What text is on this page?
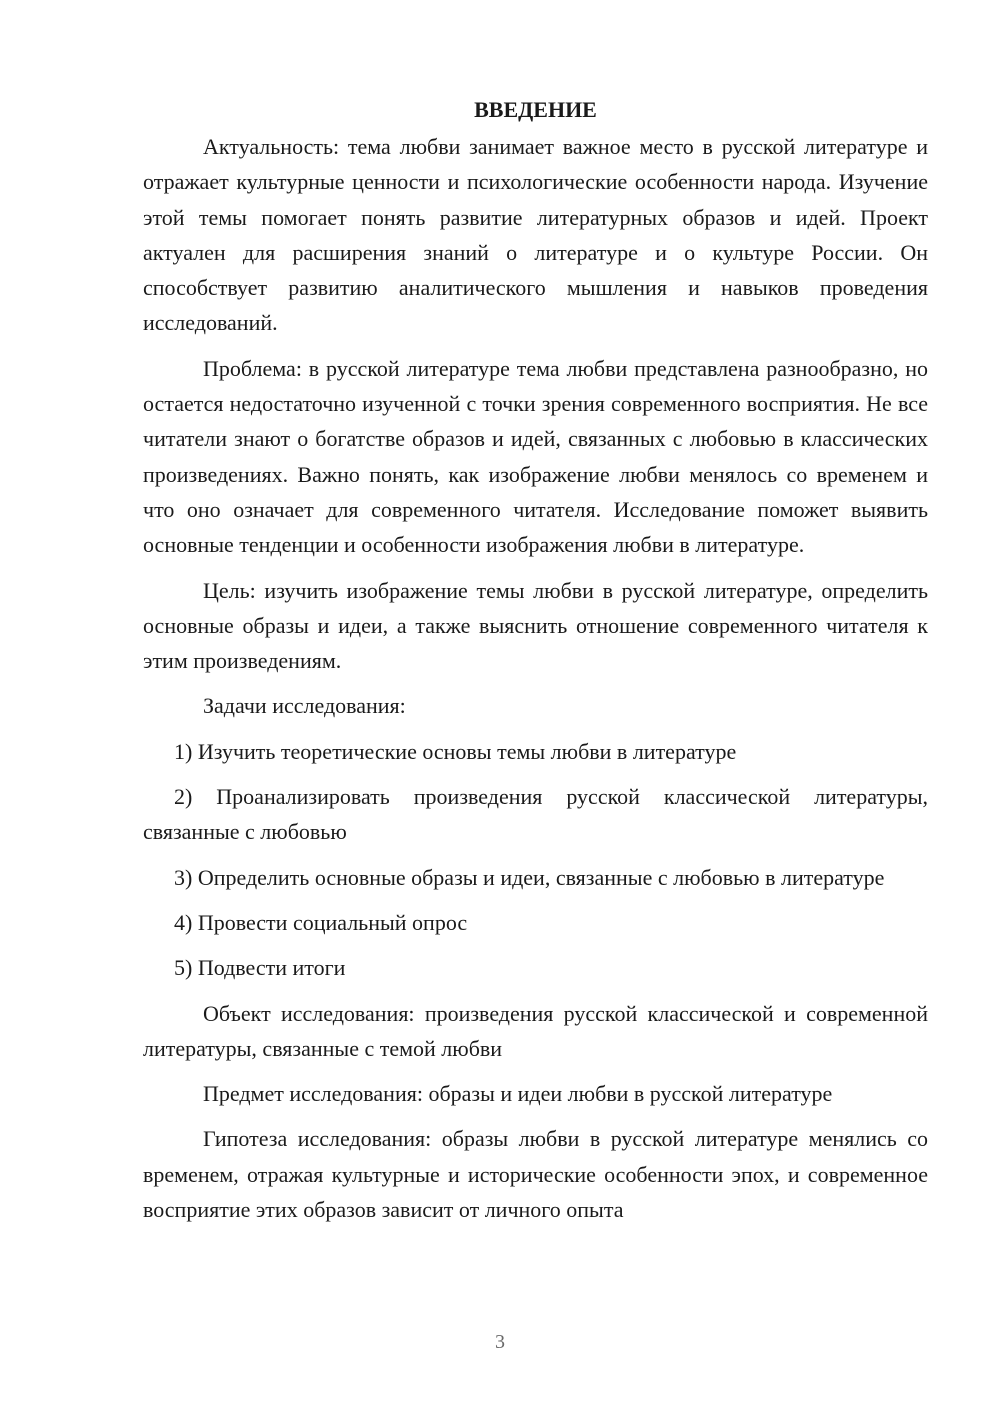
ВВЕДЕНИЕ

Актуальность: тема любви занимает важное место в русской литературе и отражает культурные ценности и психологические особенности народа. Изучение этой темы помогает понять развитие литературных образов и идей. Проект актуален для расширения знаний о литературе и о культуре России. Он способствует развитию аналитического мышления и навыков проведения исследований.

Проблема: в русской литературе тема любви представлена разнообразно, но остается недостаточно изученной с точки зрения современного восприятия. Не все читатели знают о богатстве образов и идей, связанных с любовью в классических произведениях. Важно понять, как изображение любви менялось со временем и что оно означает для современного читателя. Исследование поможет выявить основные тенденции и особенности изображения любви в литературе.

Цель: изучить изображение темы любви в русской литературе, определить основные образы и идеи, а также выяснить отношение современного читателя к этим произведениям.

Задачи исследования:

1) Изучить теоретические основы темы любви в литературе

2) Проанализировать произведения русской классической литературы, связанные с любовью

3) Определить основные образы и идеи, связанные с любовью в литературе

4) Провести социальный опрос

5) Подвести итоги

Объект исследования: произведения русской классической и современной литературы, связанные с темой любви

Предмет исследования: образы и идеи любви в русской литературе

Гипотеза исследования: образы любви в русской литературе менялись со временем, отражая культурные и исторические особенности эпох, и современное восприятие этих образов зависит от личного опыта

3
